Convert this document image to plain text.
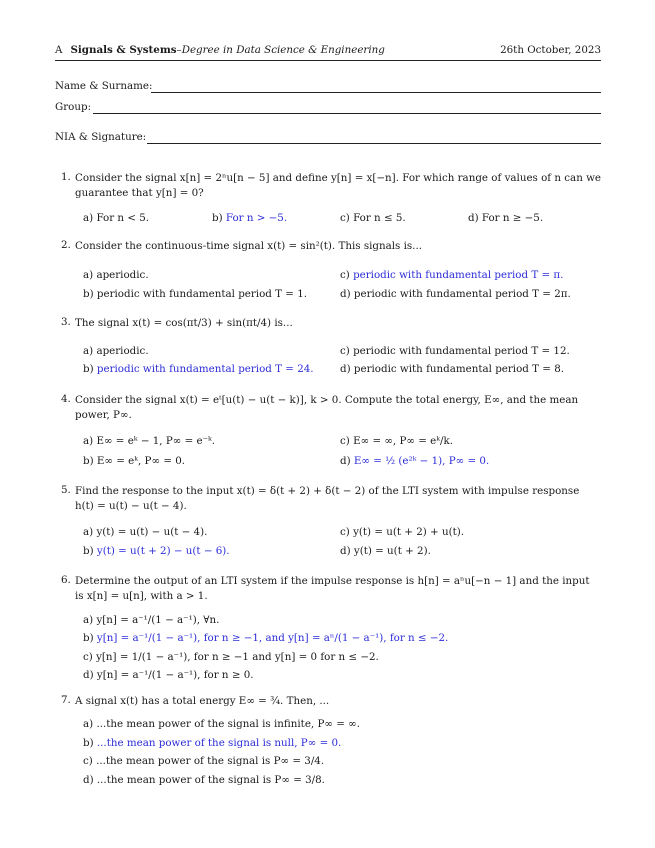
A Signals & Systems–Degree in Data Science & Engineering	26th October, 2023
Name & Surname:
Group:
NIA & Signature:
1. Consider the signal x[n] = 2ⁿu[n − 5] and define y[n] = x[−n]. For which range of values of n can we guarantee that y[n] = 0?
a) For n < 5.	b) For n > −5.	c) For n ≤ 5.	d) For n ≥ −5.
2. Consider the continuous-time signal x(t) = sin²(t). This signals is...
a) aperiodic.
b) periodic with fundamental period T = 1.
c) periodic with fundamental period T = π.
d) periodic with fundamental period T = 2π.
3. The signal x(t) = cos(πt/3) + sin(πt/4) is...
a) aperiodic.
b) periodic with fundamental period T = 24.
c) periodic with fundamental period T = 12.
d) periodic with fundamental period T = 8.
4. Consider the signal x(t) = eᵗ[u(t) − u(t − k)], k > 0. Compute the total energy, E∞, and the mean power, P∞.
a) E∞ = eᵏ − 1, P∞ = e⁻ᵏ.
b) E∞ = eᵏ, P∞ = 0.
c) E∞ = ∞, P∞ = eᵏ/k.
d) E∞ = ½ (e²ᵏ − 1), P∞ = 0.
5. Find the response to the input x(t) = δ(t + 2) + δ(t − 2) of the LTI system with impulse response h(t) = u(t) − u(t − 4).
a) y(t) = u(t) − u(t − 4).
b) y(t) = u(t + 2) − u(t − 6).
c) y(t) = u(t + 2) + u(t).
d) y(t) = u(t + 2).
6. Determine the output of an LTI system if the impulse response is h[n] = aⁿu[−n − 1] and the input is x[n] = u[n], with a > 1.
a) y[n] = a⁻¹/(1 − a⁻¹), ∀n.
b) y[n] = a⁻¹/(1 − a⁻¹), for n ≥ −1, and y[n] = aⁿ/(1 − a⁻¹), for n ≤ −2.
c) y[n] = 1/(1 − a⁻¹), for n ≥ −1 and y[n] = 0 for n ≤ −2.
d) y[n] = a⁻¹/(1 − a⁻¹), for n ≥ 0.
7. A signal x(t) has a total energy E∞ = ¾. Then, ...
a) ...the mean power of the signal is infinite, P∞ = ∞.
b) ...the mean power of the signal is null, P∞ = 0.
c) ...the mean power of the signal is P∞ = 3/4.
d) ...the mean power of the signal is P∞ = 3/8.
